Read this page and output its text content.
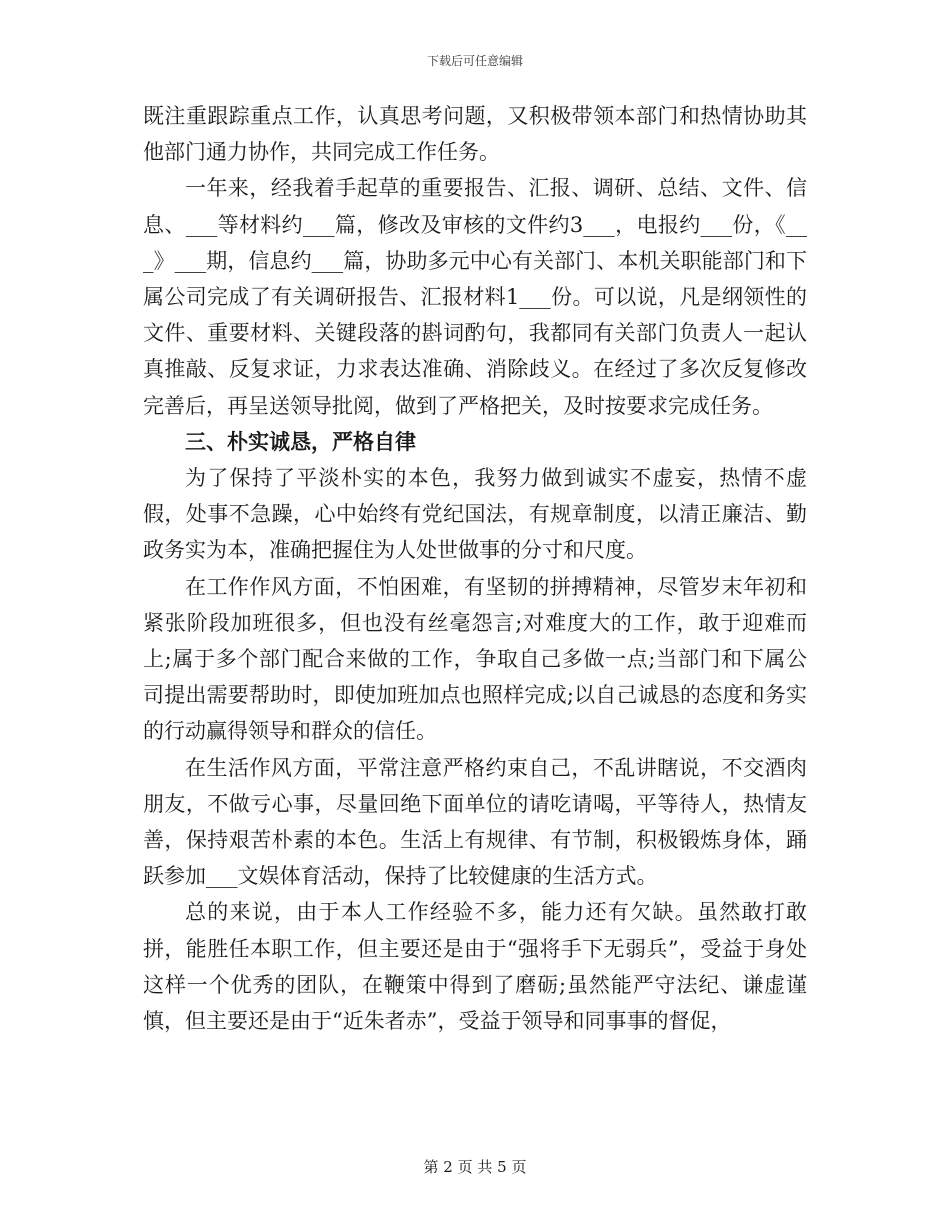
下载后可任意编辑

既注重跟踪重点工作，认真思考问题，又积极带领本部门和热情协助其他部门通力协作，共同完成工作任务。

一年来，经我着手起草的重要报告、汇报、调研、总结、文件、信息、___等材料约___篇，修改及审核的文件约3___，电报约___份，《___》___期，信息约___篇，协助多元中心有关部门、本机关职能部门和下属公司完成了有关调研报告、汇报材料1___份。可以说，凡是纲领性的文件、重要材料、关键段落的斟词酌句，我都同有关部门负责人一起认真推敲、反复求证，力求表达准确、消除歧义。在经过了多次反复修改完善后，再呈送领导批阅，做到了严格把关，及时按要求完成任务。

三、朴实诚恳，严格自律

为了保持了平淡朴实的本色，我努力做到诚实不虚妄，热情不虚假，处事不急躁，心中始终有党纪国法，有规章制度，以清正廉洁、勤政务实为本，准确把握住为人处世做事的分寸和尺度。

在工作作风方面，不怕困难，有坚韧的拼搏精神，尽管岁末年初和紧张阶段加班很多，但也没有丝毫怨言;对难度大的工作，敢于迎难而上;属于多个部门配合来做的工作，争取自己多做一点;当部门和下属公司提出需要帮助时，即使加班加点也照样完成;以自己诚恳的态度和务实的行动赢得领导和群众的信任。

在生活作风方面，平常注意严格约束自己，不乱讲瞎说，不交酒肉朋友，不做亏心事，尽量回绝下面单位的请吃请喝，平等待人，热情友善，保持艰苦朴素的本色。生活上有规律、有节制，积极锻炼身体，踊跃参加___文娱体育活动，保持了比较健康的生活方式。

总的来说，由于本人工作经验不多，能力还有欠缺。虽然敢打敢拼，能胜任本职工作，但主要还是由于“强将手下无弱兵”，受益于身处这样一个优秀的团队，在鞭策中得到了磨砺;虽然能严守法纪、谦虚谨慎，但主要还是由于“近朱者赤”，受益于领导和同事事的督促，

第 2 页 共 5 页
